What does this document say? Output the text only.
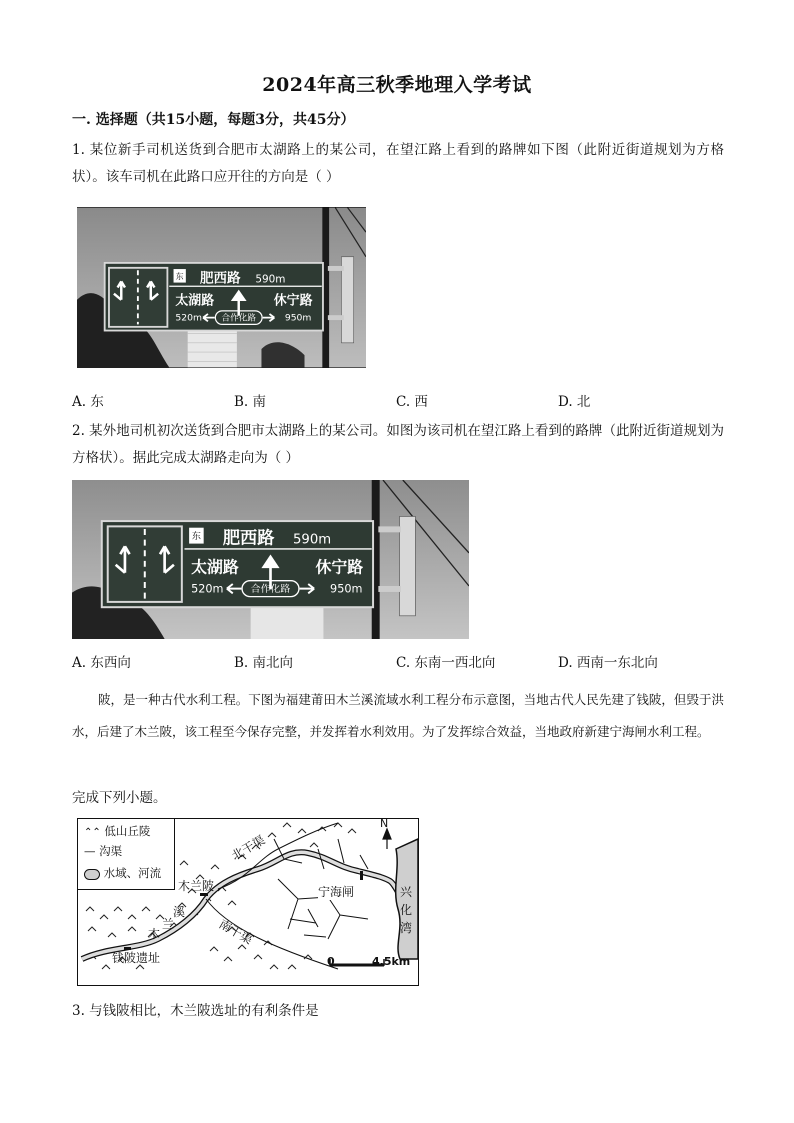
2024年高三秋季地理入学考试
一. 选择题（共15小题，每题3分，共45分）
1. 某位新手司机送货到合肥市太湖路上的某公司，在望江路上看到的路牌如下图（此附近街道规划为方格状）。该车司机在此路口应开往的方向是（ ）
东 肥西路 590m
太湖路
520m
休宁路
950m
合作化路
A. 东	B. 南	C. 西	D. 北
2. 某外地司机初次送货到合肥市太湖路上的某公司。如图为该司机在望江路上看到的路牌（此附近街道规划为方格状）。据此完成太湖路走向为（ ）
东 肥西路 590m
太湖路
520m
休宁路
950m
合作化路
A. 东西向	B. 南北向	C. 东南一西北向	D. 西南一东北向
陂，是一种古代水利工程。下图为福建莆田木兰溪流域水利工程分布示意图，当地古代人民先建了钱陂，但毁于洪水，后建了木兰陂，该工程至今保存完整，并发挥着水利效用。为了发挥综合效益，当地政府新建宁海闸水利工程。
完成下列小题。
⌃⌃ 低山丘陵
— 沟渠
水域、河流
北干渠
南干渠
木兰陂
溪
兰
木
钱陂遗址
宁海闸	兴
化
湾
N
0	4.5km
3. 与钱陂相比，木兰陂选址的有利条件是
